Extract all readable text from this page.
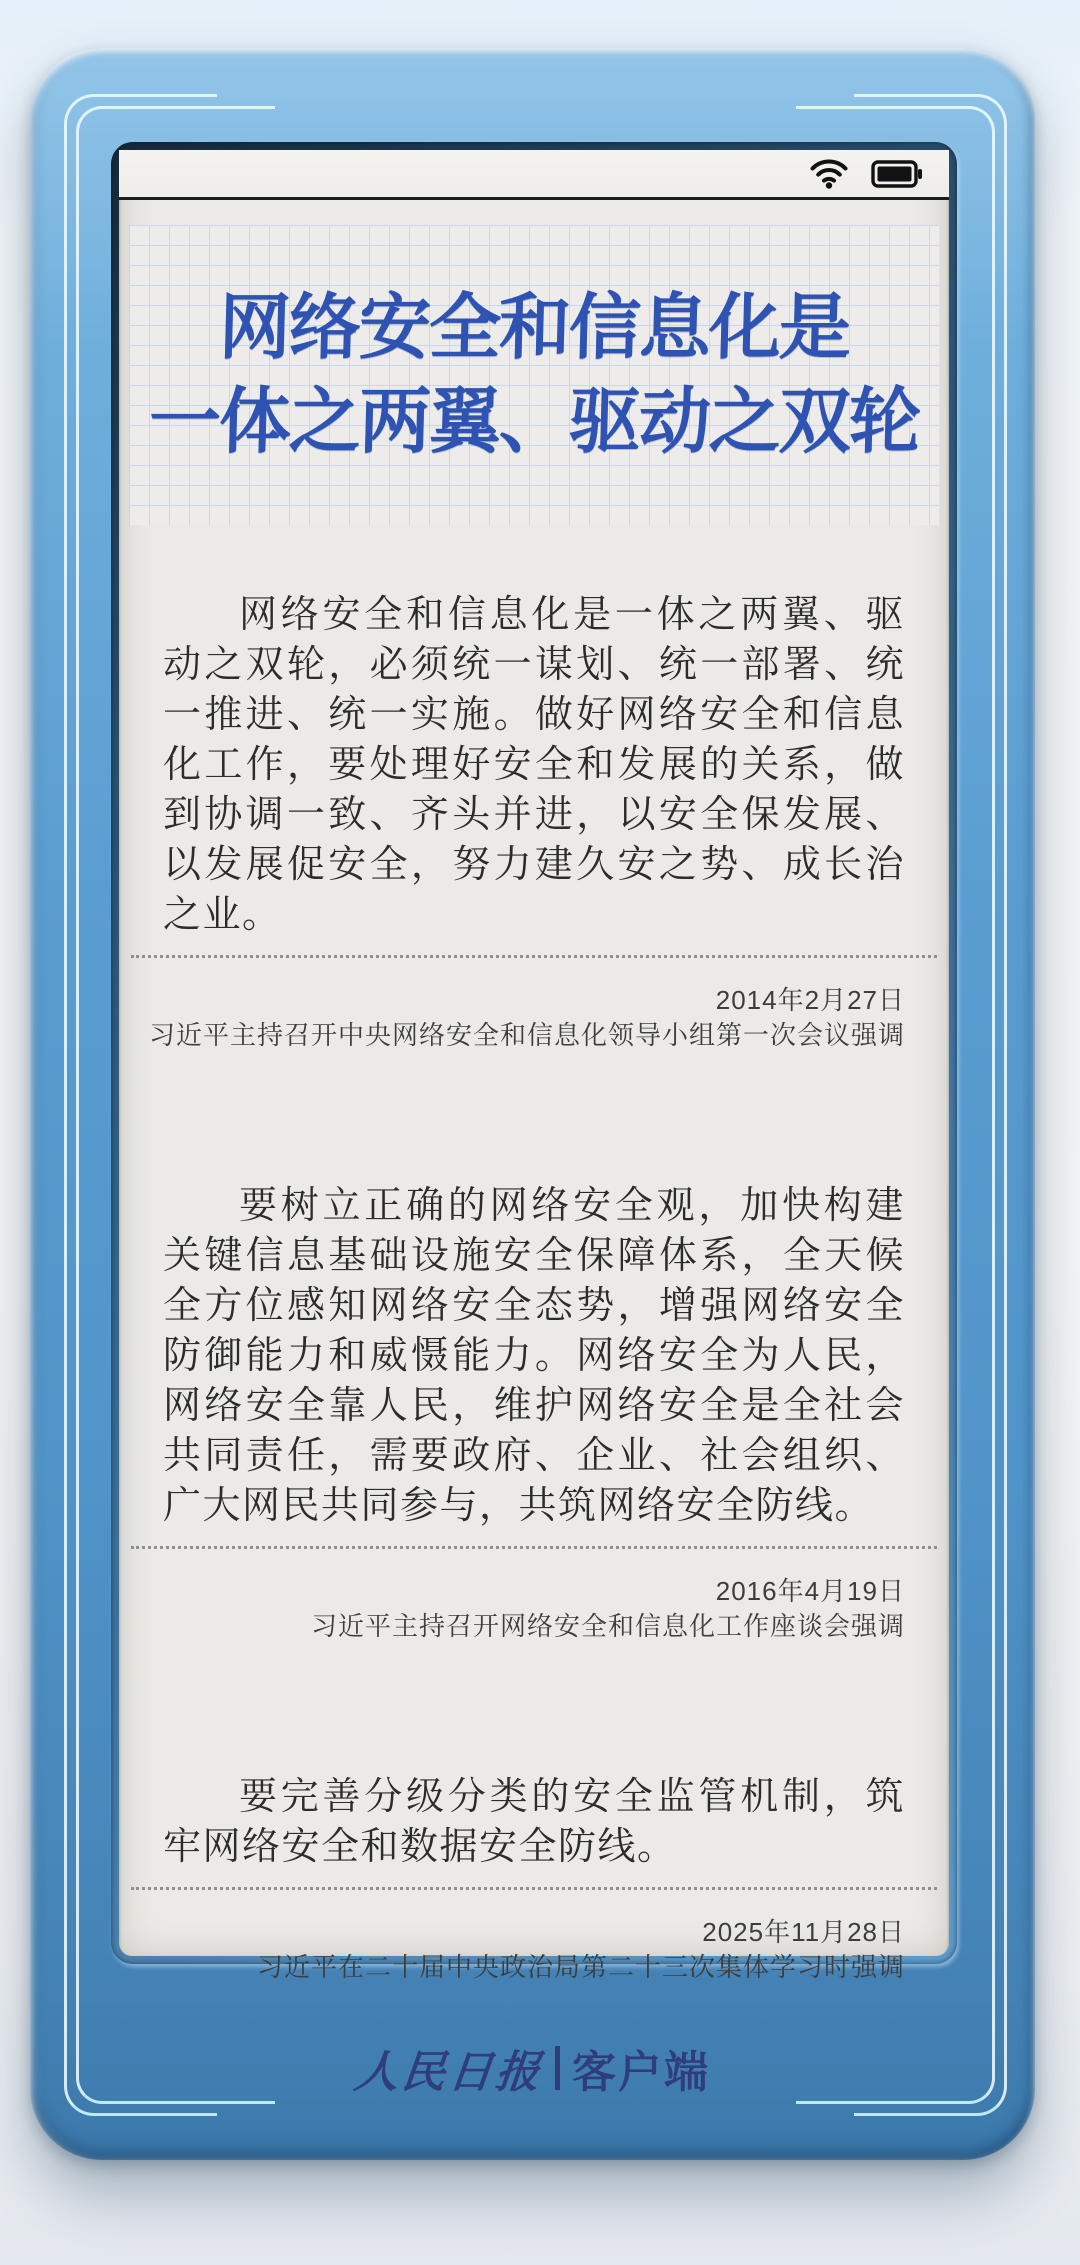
网络安全和信息化是
一体之两翼、驱动之双轮

网络安全和信息化是一体之两翼、驱动之双轮，必须统一谋划、统一部署、统一推进、统一实施。做好网络安全和信息化工作，要处理好安全和发展的关系，做到协调一致、齐头并进，以安全保发展、以发展促安全，努力建久安之势、成长治之业。

2014年2月27日
习近平主持召开中央网络安全和信息化领导小组第一次会议强调

要树立正确的网络安全观，加快构建关键信息基础设施安全保障体系，全天候全方位感知网络安全态势，增强网络安全防御能力和威慑能力。网络安全为人民，网络安全靠人民，维护网络安全是全社会共同责任，需要政府、企业、社会组织、广大网民共同参与，共筑网络安全防线。

2016年4月19日
习近平主持召开网络安全和信息化工作座谈会强调

要完善分级分类的安全监管机制，筑牢网络安全和数据安全防线。

2025年11月28日
习近平在二十届中央政治局第二十三次集体学习时强调
人民日报 客户端
